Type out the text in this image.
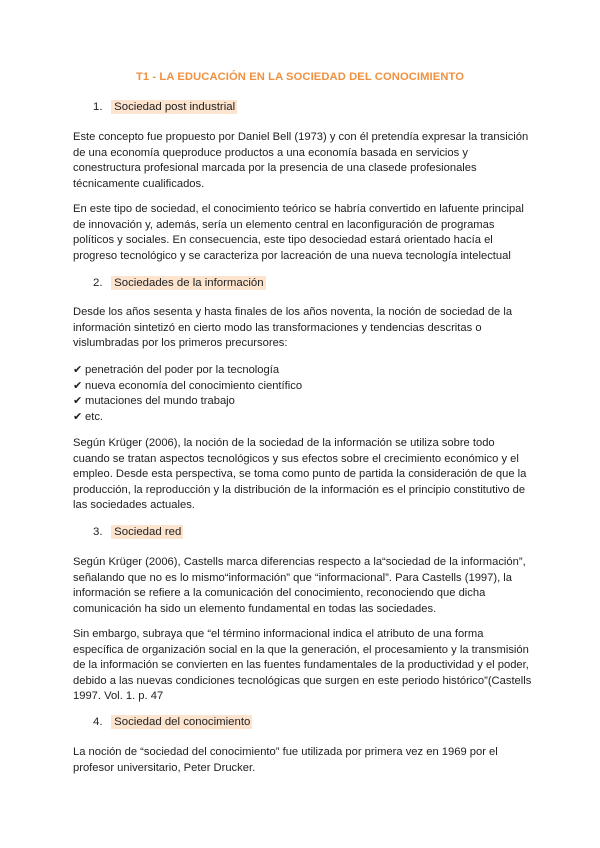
T1 - LA EDUCACIÓN EN LA SOCIEDAD DEL CONOCIMIENTO
1. Sociedad post industrial
Este concepto fue propuesto por Daniel Bell (1973) y con él pretendía expresar la transición
de una economía queproduce productos a una economía basada en servicios y
conestructura profesional marcada por la presencia de una clasede profesionales
técnicamente cualificados.
En este tipo de sociedad, el conocimiento teórico se habría convertido en lafuente principal
de innovación y, además, sería un elemento central en laconfiguración de programas
políticos y sociales. En consecuencia, este tipo desociedad estará orientado hacía el
progreso tecnológico y se caracteriza por lacreación de una nueva tecnología intelectual
2. Sociedades de la información
Desde los años sesenta y hasta finales de los años noventa, la noción de sociedad de la
información sintetizó en cierto modo las transformaciones y tendencias descritas o
vislumbradas por los primeros precursores:
✔ penetración del poder por la tecnología
✔ nueva economía del conocimiento científico
✔ mutaciones del mundo trabajo
✔ etc.
Según Krüger (2006), la noción de la sociedad de la información se utiliza sobre todo
cuando se tratan aspectos tecnológicos y sus efectos sobre el crecimiento económico y el
empleo. Desde esta perspectiva, se toma como punto de partida la consideración de que la
producción, la reproducción y la distribución de la información es el principio constitutivo de
las sociedades actuales.
3. Sociedad red
Según Krüger (2006), Castells marca diferencias respecto a la“sociedad de la información”,
señalando que no es lo mismo“información” que “informacional”. Para Castells (1997), la
información se refiere a la comunicación del conocimiento, reconociendo que dicha
comunicación ha sido un elemento fundamental en todas las sociedades.
Sin embargo, subraya que “el término informacional indica el atributo de una forma
específica de organización social en la que la generación, el procesamiento y la transmisión
de la información se convierten en las fuentes fundamentales de la productividad y el poder,
debido a las nuevas condiciones tecnológicas que surgen en este periodo histórico”(Castells
1997. Vol. 1. p. 47
4. Sociedad del conocimiento
La noción de “sociedad del conocimiento” fue utilizada por primera vez en 1969 por el
profesor universitario, Peter Drucker.
